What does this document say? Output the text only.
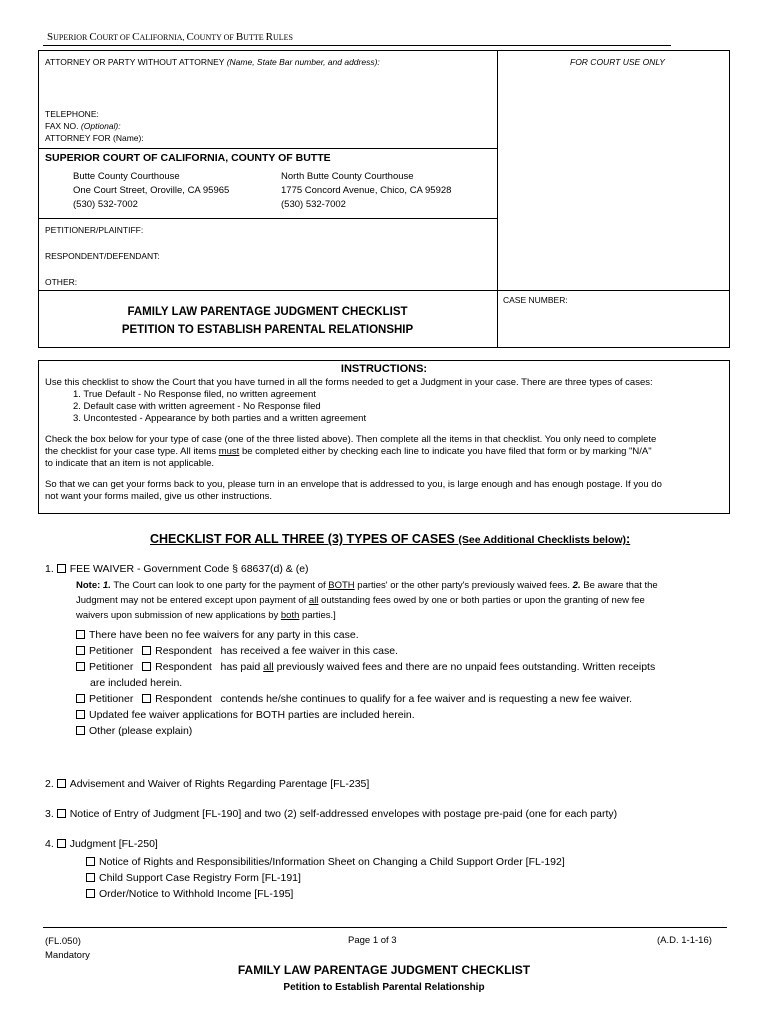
SUPERIOR COURT OF CALIFORNIA, COUNTY OF BUTTE RULES
ATTORNEY OR PARTY WITHOUT ATTORNEY (Name, State Bar number, and address):	FOR COURT USE ONLY
TELEPHONE:
FAX NO. (Optional):
ATTORNEY FOR (Name):
SUPERIOR COURT OF CALIFORNIA, COUNTY OF BUTTE
Butte County Courthouse
One Court Street, Oroville, CA 95965
(530) 532-7002
North Butte County Courthouse
1775 Concord Avenue, Chico, CA 95928
(530) 532-7002
PETITIONER/PLAINTIFF:
RESPONDENT/DEFENDANT:
OTHER:
FAMILY LAW PARENTAGE JUDGMENT CHECKLIST
PETITION TO ESTABLISH PARENTAL RELATIONSHIP
CASE NUMBER:
INSTRUCTIONS:
Use this checklist to show the Court that you have turned in all the forms needed to get a Judgment in your case. There are three types of cases:
1. True Default - No Response filed, no written agreement
2. Default case with written agreement - No Response filed
3. Uncontested - Appearance by both parties and a written agreement
Check the box below for your type of case (one of the three listed above). Then complete all the items in that checklist. You only need to complete
the checklist for your case type. All items must be completed either by checking each line to indicate you have filed that form or by marking "N/A"
to indicate that an item is not applicable.
So that we can get your forms back to you, please turn in an envelope that is addressed to you, is large enough and has enough postage. If you do
not want your forms mailed, give us other instructions.
CHECKLIST FOR ALL THREE (3) TYPES OF CASES (See Additional Checklists below):
1. FEE WAIVER - Government Code § 68637(d) & (e)
Note: 1. The Court can look to one party for the payment of BOTH parties' or the other party's previously waived fees. 2. Be aware that the
Judgment may not be entered except upon payment of all outstanding fees owed by one or both parties or upon the granting of new fee
waivers upon submission of new applications by both parties.]
There have been no fee waivers for any party in this case.
Petitioner Respondent has received a fee waiver in this case.
Petitioner Respondent has paid all previously waived fees and there are no unpaid fees outstanding. Written receipts
are included herein.
Petitioner Respondent contends he/she continues to qualify for a fee waiver and is requesting a new fee waiver.
Updated fee waiver applications for BOTH parties are included herein.
Other (please explain)
2. Advisement and Waiver of Rights Regarding Parentage [FL-235]
3. Notice of Entry of Judgment [FL-190] and two (2) self-addressed envelopes with postage pre-paid (one for each party)
4. Judgment [FL-250]
Notice of Rights and Responsibilities/Information Sheet on Changing a Child Support Order [FL-192]
Child Support Case Registry Form [FL-191]
Order/Notice to Withhold Income [FL-195]
(FL.050)
Mandatory
Page 1 of 3	(A.D. 1-1-16)
FAMILY LAW PARENTAGE JUDGMENT CHECKLIST
Petition to Establish Parental Relationship
